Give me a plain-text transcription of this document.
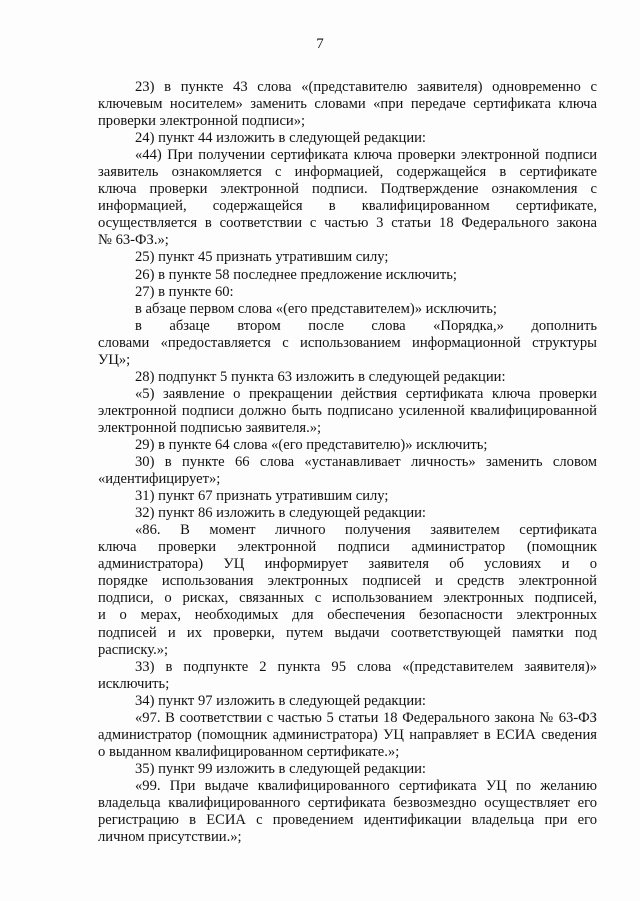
7
23) в пункте 43 слова «(представителю заявителя) одновременно с
ключевым носителем» заменить словами «при передаче сертификата ключа
проверки электронной подписи»;
24) пункт 44 изложить в следующей редакции:
«44) При получении сертификата ключа проверки электронной подписи
заявитель ознакомляется с информацией, содержащейся в сертификате
ключа проверки электронной подписи. Подтверждение ознакомления с
информацией, содержащейся в квалифицированном сертификате,
осуществляется в соответствии с частью 3 статьи 18 Федерального закона
№ 63-ФЗ.»;
25) пункт 45 признать утратившим силу;
26) в пункте 58 последнее предложение исключить;
27) в пункте 60:
в абзаце первом слова «(его представителем)» исключить;
в абзаце втором после слова «Порядка,» дополнить
словами «предоставляется с использованием информационной структуры
УЦ»;
28) подпункт 5 пункта 63 изложить в следующей редакции:
«5) заявление о прекращении действия сертификата ключа проверки
электронной подписи должно быть подписано усиленной квалифицированной
электронной подписью заявителя.»;
29) в пункте 64 слова «(его представителю)» исключить;
30) в пункте 66 слова «устанавливает личность» заменить словом
«идентифицирует»;
31) пункт 67 признать утратившим силу;
32) пункт 86 изложить в следующей редакции:
«86. В момент личного получения заявителем сертификата
ключа проверки электронной подписи администратор (помощник
администратора) УЦ информирует заявителя об условиях и о
порядке использования электронных подписей и средств электронной
подписи, о рисках, связанных с использованием электронных подписей,
и о мерах, необходимых для обеспечения безопасности электронных
подписей и их проверки, путем выдачи соответствующей памятки под
расписку.»;
33) в подпункте 2 пункта 95 слова «(представителем заявителя)»
исключить;
34) пункт 97 изложить в следующей редакции:
«97. В соответствии с частью 5 статьи 18 Федерального закона № 63-ФЗ
администратор (помощник администратора) УЦ направляет в ЕСИА сведения
о выданном квалифицированном сертификате.»;
35) пункт 99 изложить в следующей редакции:
«99. При выдаче квалифицированного сертификата УЦ по желанию
владельца квалифицированного сертификата безвозмездно осуществляет его
регистрацию в ЕСИА с проведением идентификации владельца при его
личном присутствии.»;
